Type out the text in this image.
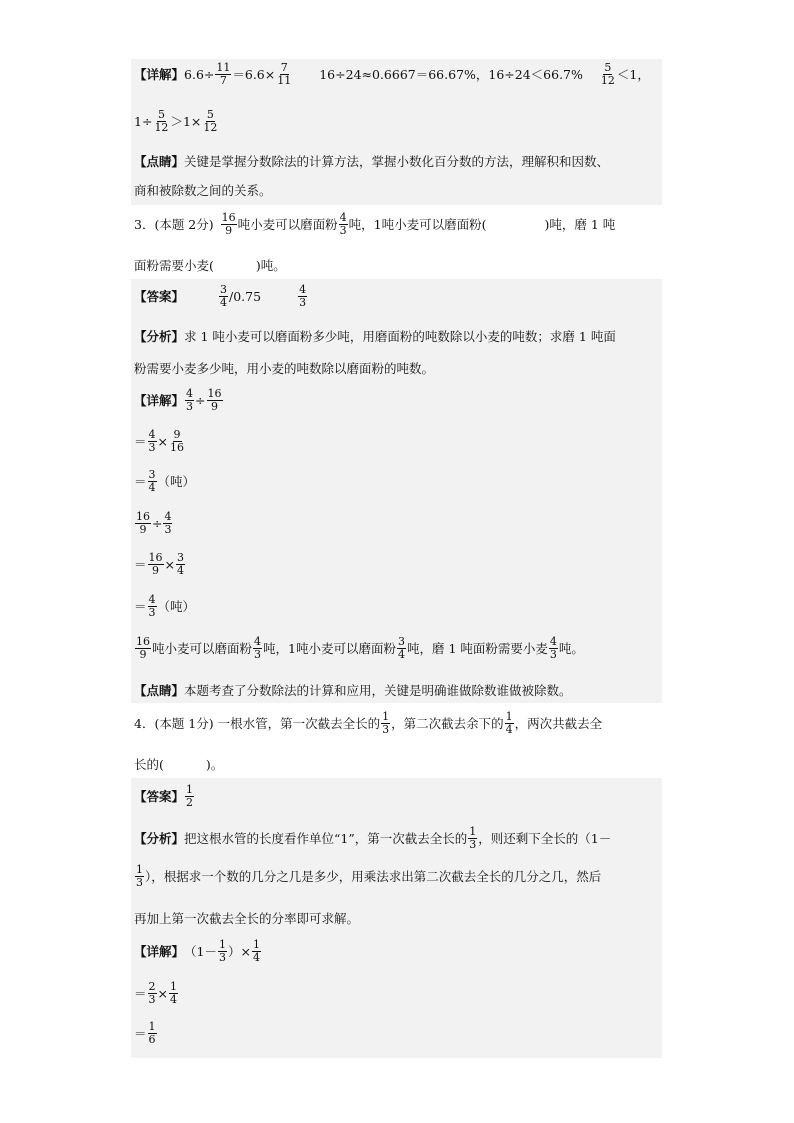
【详解】 $6.6\div \frac{11}{7} =6.6\times \frac{7}{11} 16\div 24\approx 0.6667=66.67\%$，$16\div 24<66.7\% \frac{5}{12} <1$，
$1\div \frac{5}{12} >1\times \frac{5}{12}$
【点睛】 关键是掌握分数除法的计算方法，掌握小数化百分数的方法，理解积和因数、
商和被除数之间的关系。
3．(本题 2分) $\frac{16}{9}$ 吨小麦可以磨面粉 $\frac{4}{3}$ 吨，1吨小麦可以磨面粉(	)吨，磨 1 吨
面粉需要小麦(	)吨。
【答案】	$\frac{3}{4} /0.75$	$\frac{4}{3}$
【分析】 求 1 吨小麦可以磨面粉多少吨，用磨面粉的吨数除以小麦的吨数；求磨 1 吨面
粉需要小麦多少吨，用小麦的吨数除以磨面粉的吨数。
【详解】 $\frac{4}{3} \div \frac{16}{9}$
＝ $\frac{4}{3} \times \frac{9}{16}$
＝ $\frac{3}{4}$ （吨）
$\frac{16}{9} \div \frac{4}{3}$
＝ $\frac{16}{9} \times \frac{3}{4}$
＝ $\frac{4}{3}$ （吨）
$\frac{16}{9}$ 吨小麦可以磨面粉 $\frac{4}{3}$ 吨，1吨小麦可以磨面粉 $\frac{3}{4}$ 吨，磨 1 吨面粉需要小麦 $\frac{4}{3}$ 吨。
【点睛】 本题考查了分数除法的计算和应用，关键是明确谁做除数谁做被除数。
4．(本题 1分) 一根水管，第一次截去全长的 $\frac{1}{3}$ ，第二次截去余下的 $\frac{1}{4}$ ，两次共截去全
长的(	)。
【答案】 $\frac{1}{2}$
【分析】 把这根水管的长度看作单位“1”，第一次截去全长的 $\frac{1}{3}$ ，则还剩下全长的（1－
$\frac{1}{3}$ ），根据求一个数的几分之几是多少，用乘法求出第二次截去全长的几分之几，然后
再加上第一次截去全长的分率即可求解。
【详解】 （$1- \frac{1}{3}$ ）× $\frac{1}{4}$
＝ $\frac{2}{3} \times \frac{1}{4}$
＝ $\frac{1}{6}$
